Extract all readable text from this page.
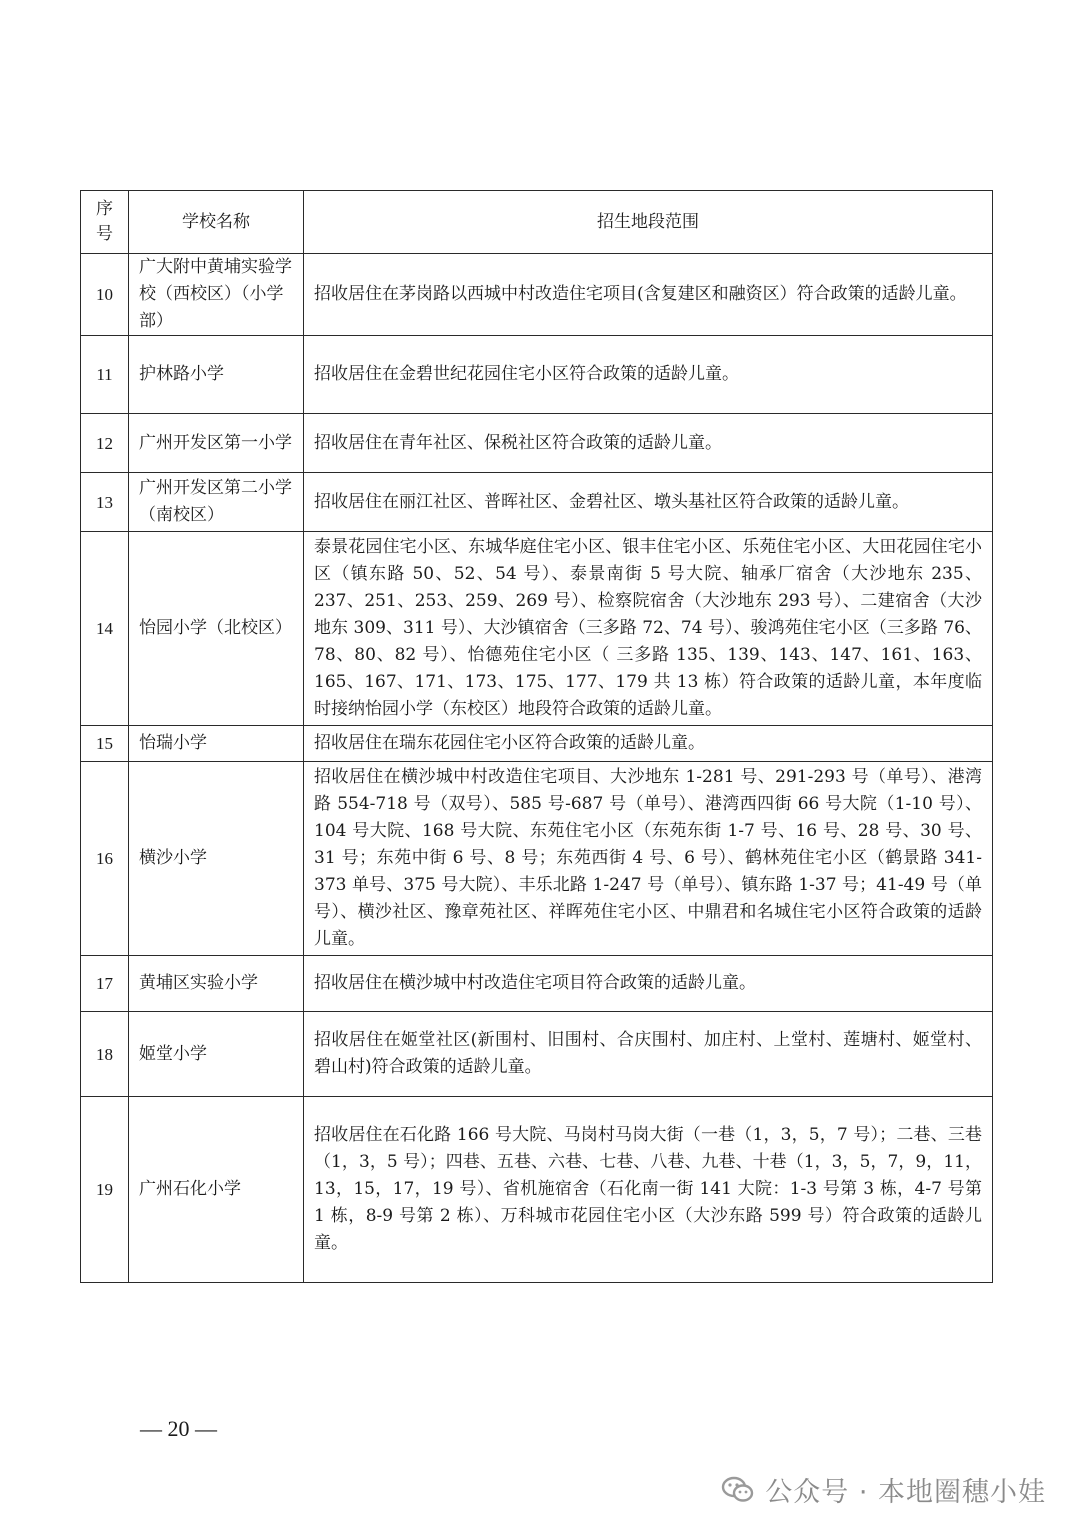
序号	学校名称	招生地段范围
10	广大附中黄埔实验学校（西校区）（小学部）	招收居住在茅岗路以西城中村改造住宅项目(含复建区和融资区）符合政策的适龄儿童。
11	护林路小学	招收居住在金碧世纪花园住宅小区符合政策的适龄儿童。
12	广州开发区第一小学	招收居住在青年社区、保税社区符合政策的适龄儿童。
13	广州开发区第二小学（南校区）	招收居住在丽江社区、普晖社区、金碧社区、墩头基社区符合政策的适龄儿童。
14	怡园小学（北校区）	泰景花园住宅小区、东城华庭住宅小区、银丰住宅小区、乐苑住宅小区、大田花园住宅小区（镇东路 50、52、54 号）、泰景南街 5 号大院、轴承厂宿舍（大沙地东 235、237、251、253、259、269 号）、检察院宿舍（大沙地东 293 号）、二建宿舍（大沙地东 309、311 号）、大沙镇宿舍（三多路 72、74 号）、骏鸿苑住宅小区（三多路 76、78、80、82 号）、怡德苑住宅小区（ 三多路 135、139、143、147、161、163、165、167、171、173、175、177、179 共 13 栋）符合政策的适龄儿童，本年度临时接纳怡园小学（东校区）地段符合政策的适龄儿童。
15	怡瑞小学	招收居住在瑞东花园住宅小区符合政策的适龄儿童。
16	横沙小学	招收居住在横沙城中村改造住宅项目、大沙地东 1-281 号、291-293 号（单号）、港湾路 554-718 号（双号）、585 号-687 号（单号）、港湾西四街 66 号大院（1-10 号）、104 号大院、168 号大院、东苑住宅小区（东苑东街 1-7 号、16 号、28 号、30 号、31 号；东苑中街 6 号、8 号；东苑西街 4 号、6 号）、鹤林苑住宅小区（鹤景路 341-373 单号、375 号大院）、丰乐北路 1-247 号（单号）、镇东路 1-37 号；41-49 号（单号）、横沙社区、豫章苑社区、祥晖苑住宅小区、中鼎君和名城住宅小区符合政策的适龄儿童。
17	黄埔区实验小学	招收居住在横沙城中村改造住宅项目符合政策的适龄儿童。
18	姬堂小学	招收居住在姬堂社区(新围村、旧围村、合庆围村、加庄村、上堂村、莲塘村、姬堂村、碧山村)符合政策的适龄儿童。
19	广州石化小学	招收居住在石化路 166 号大院、马岗村马岗大街（一巷（1，3，5，7 号）；二巷、三巷（1，3，5 号）；四巷、五巷、六巷、七巷、八巷、九巷、十巷（1，3，5，7，9，11，13，15，17，19 号）、省机施宿舍（石化南一街 141 大院：1-3 号第 3 栋，4-7 号第 1 栋，8-9 号第 2 栋）、万科城市花园住宅小区（大沙东路 599 号）符合政策的适龄儿童。
— 20 —
公众号 · 本地圈穗小娃
